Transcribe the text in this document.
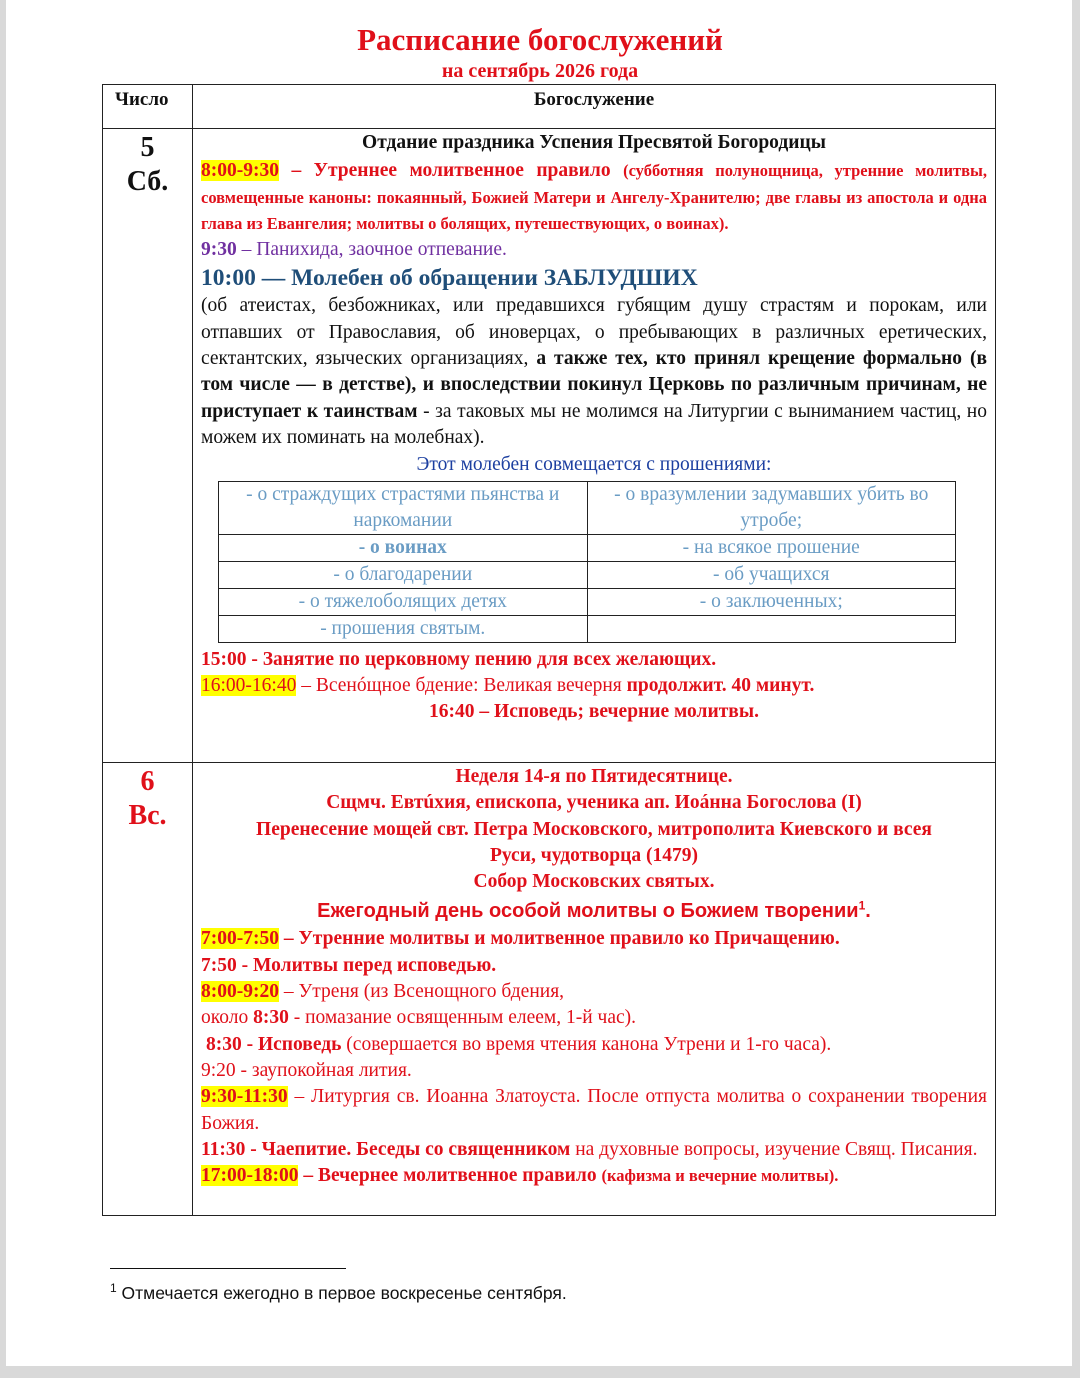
Расписание богослужений
на сентябрь 2026 года
Число	Богослужение

5
Сб.

Отдание праздника Успения Пресвятой Богородицы
8:00-9:30 – Утреннее молитвенное правило (субботняя полунощница, утренние молитвы, совмещенные каноны: покаянный, Божией Матери и Ангелу-Хранителю; две главы из апостола и одна глава из Евангелия; молитвы о болящих, путешествующих, о воинах).
9:30 – Панихида, заочное отпевание.
10:00 — Молебен об обращении ЗАБЛУДШИХ
(об атеистах, безбожниках, или предавшихся губящим душу страстям и порокам, или отпавших от Православия, об иноверцах, о пребывающих в различных еретических, сектантских, языческих организациях, а также тех, кто принял крещение формально (в том числе — в детстве), и впоследствии покинул Церковь по различным причинам, не приступает к таинствам - за таковых мы не молимся на Литургии с выниманием частиц, но можем их поминать на молебнах).
Этот молебен совмещается с прошениями:
- о страждущих страстями пьянства и наркомании	- о вразумлении задумавших убить во утробе;
- о воинах	- на всякое прошение
- о благодарении	- об учащихся
- о тяжелоболящих детях	- о заключенных;
- прошения святым.	
15:00 - Занятие по церковному пению для всех желающих.
16:00-16:40 – Всенóщное бдение: Великая вечерня продолжит. 40 минут.
16:40 – Исповедь; вечерние молитвы.

6
Вс.

Неделя 14-я по Пятидесятнице.
Сщмч. Евтúхия, епископа, ученика ап. Иоáнна Богослова (I)
Перенесение мощей свт. Петра Московского, митрополита Киевского и всея Руси, чудотворца (1479)
Собор Московских святых.
Ежегодный день особой молитвы о Божием творении$^1$.
7:00-7:50 – Утренние молитвы и молитвенное правило ко Причащению.
7:50 - Молитвы перед исповедью.
8:00-9:20 – Утреня (из Всенощного бдения,
около 8:30 - помазание освященным елеем, 1-й час).
8:30 - Исповедь (совершается во время чтения канона Утрени и 1-го часа).
9:20 - заупокойная лития.
9:30-11:30 – Литургия св. Иоанна Златоуста. После отпуста молитва о сохранении творения Божия.
11:30 - Чаепитие. Беседы со священником на духовные вопросы, изучение Свящ. Писания.
17:00-18:00 – Вечернее молитвенное правило (кафизма и вечерние молитвы).
$^1$ Отмечается ежегодно в первое воскресенье сентября.
